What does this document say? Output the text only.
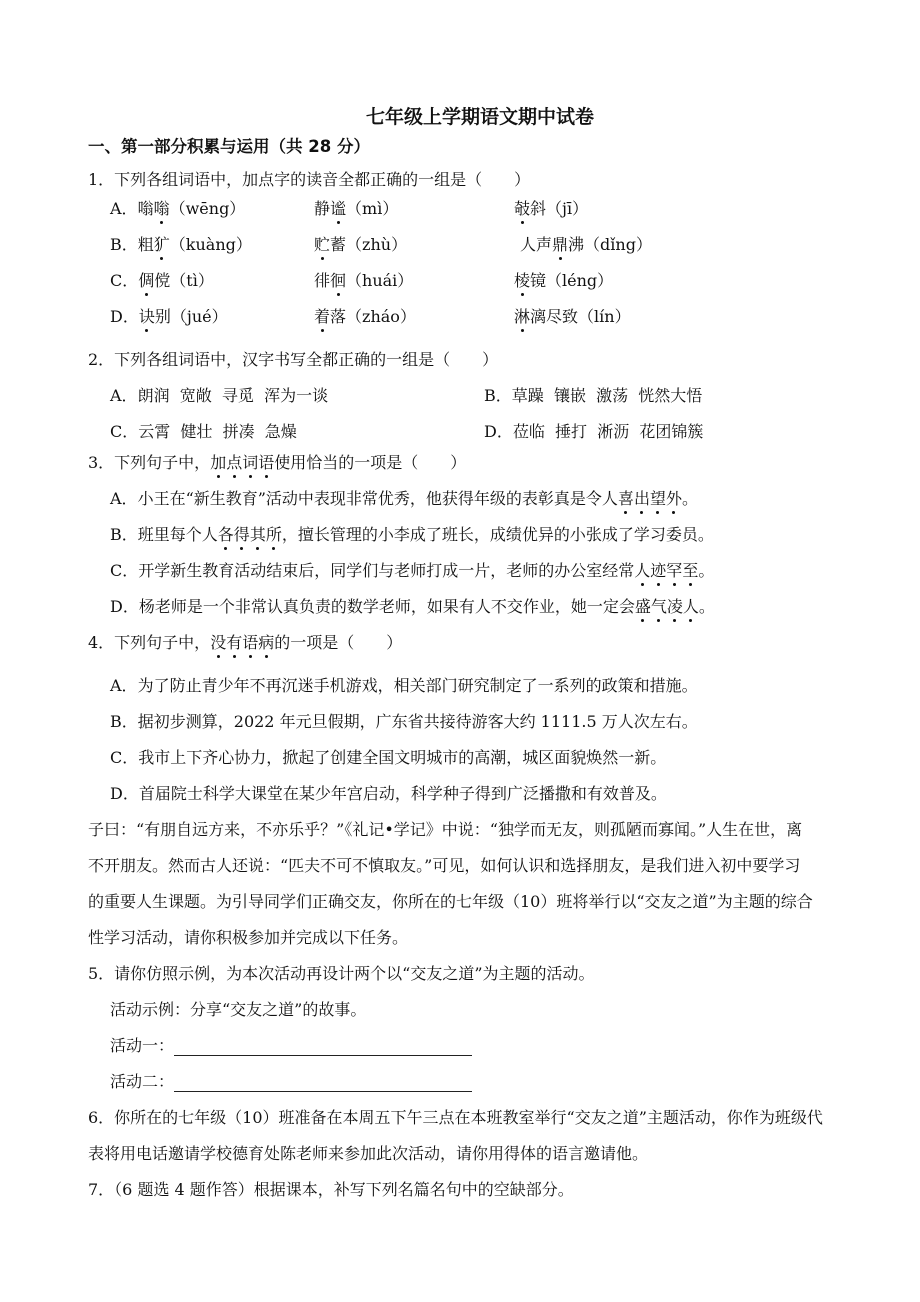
七年级上学期语文期中试卷
一、第一部分积累与运用（共 28 分）
1．下列各组词语中，加点字的读音全都正确的一组是（　　）
A．嗡嗡（wēng）	静谧（mì）	攲斜（jī）
B．粗犷（kuàng）	贮蓄（zhù）	人声鼎沸（dǐng）
C．倜傥（tì）	徘徊（huái）	棱镜（léng）
D．诀别（jué）	着落（zháo）	淋漓尽致（lín）
2．下列各组词语中，汉字书写全都正确的一组是（　　）
A．朗润  宽敞  寻觅  浑为一谈	B．草躁  镶嵌  激荡  恍然大悟
C．云霄  健壮  拼凑  急燥	D．莅临  捶打  淅沥  花团锦簇
3．下列句子中，加点词语使用恰当的一项是（　　）
A．小王在“新生教育”活动中表现非常优秀，他获得年级的表彰真是令人喜出望外。
B．班里每个人各得其所，擅长管理的小李成了班长，成绩优异的小张成了学习委员。
C．开学新生教育活动结束后，同学们与老师打成一片，老师的办公室经常人迹罕至。
D．杨老师是一个非常认真负责的数学老师，如果有人不交作业，她一定会盛气凌人。
4．下列句子中，没有语病的一项是（　　）
A．为了防止青少年不再沉迷手机游戏，相关部门研究制定了一系列的政策和措施。
B．据初步测算，2022 年元旦假期，广东省共接待游客大约 1111.5 万人次左右。
C．我市上下齐心协力，掀起了创建全国文明城市的高潮，城区面貌焕然一新。
D．首届院士科学大课堂在某少年宫启动，科学种子得到广泛播撒和有效普及。
子曰：“有朋自远方来，不亦乐乎？”《礼记•学记》中说：“独学而无友，则孤陋而寡闻。”人生在世，离
不开朋友。然而古人还说：“匹夫不可不慎取友。”可见，如何认识和选择朋友，是我们进入初中要学习
的重要人生课题。为引导同学们正确交友，你所在的七年级（10）班将举行以“交友之道”为主题的综合
性学习活动，请你积极参加并完成以下任务。
5．请你仿照示例，为本次活动再设计两个以“交友之道”为主题的活动。
活动示例：分享“交友之道”的故事。
活动一：
活动二：
6．你所在的七年级（10）班准备在本周五下午三点在本班教室举行“交友之道”主题活动，你作为班级代
表将用电话邀请学校德育处陈老师来参加此次活动，请你用得体的语言邀请他。
7．（6 题选 4 题作答）根据课本，补写下列名篇名句中的空缺部分。
